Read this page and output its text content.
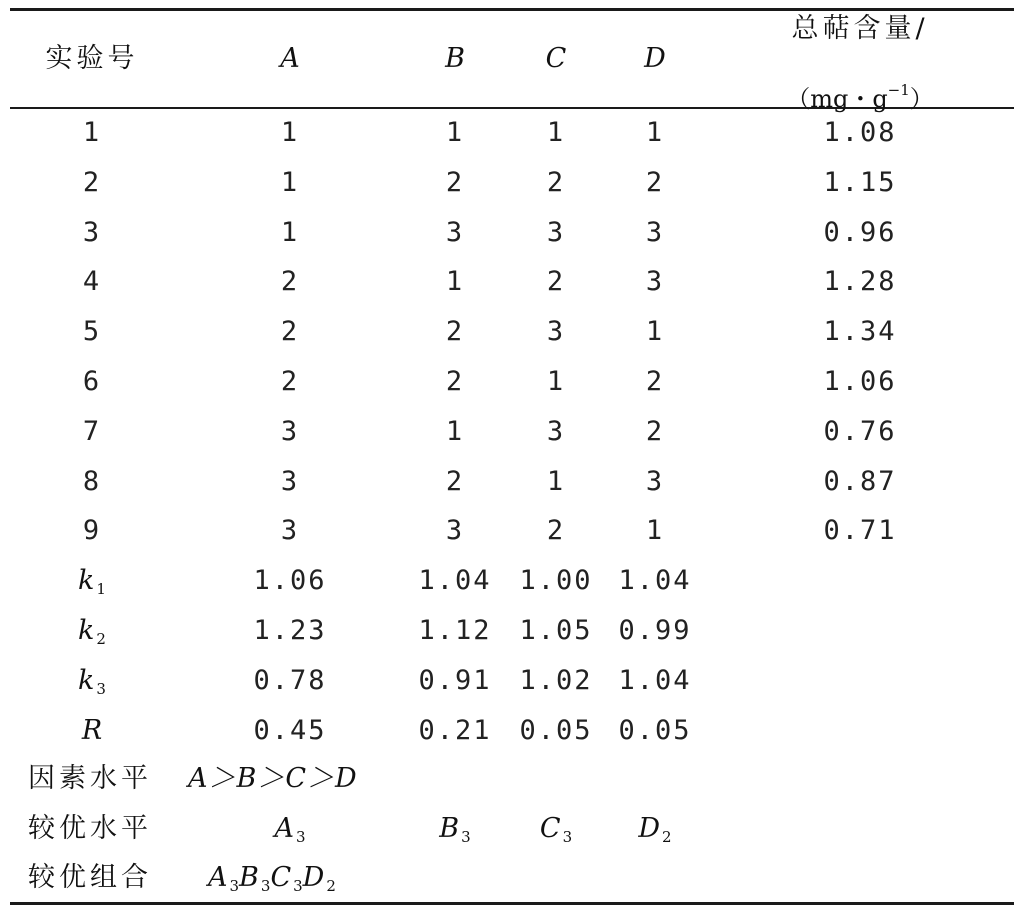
实验号	A	B	C	D
总萜含量/
（mg・$g^{-1}$）
1	1	1	1	1	1.08
2	1	2	2	2	1.15
3	1	3	3	3	0.96
4	2	1	2	3	1.28
5	2	2	3	1	1.34
6	2	2	1	2	1.06
7	3	1	3	2	0.76
8	3	2	1	3	0.87
9	3	3	2	1	0.71
k $_1$	1.06	1.04 1.00 1.04
k $_2$	1.23	1.12 1.05 0.99
k $_3$	0.78	0.91 1.02 1.04
R	0.45	0.21 0.05 0.05
因素水平 A＞B＞C＞D
较优水平	A $_3$	B $_3$	C $_3$ D $_2$
较优组合 A $_3$B $_3$C $_3$D $_2$
